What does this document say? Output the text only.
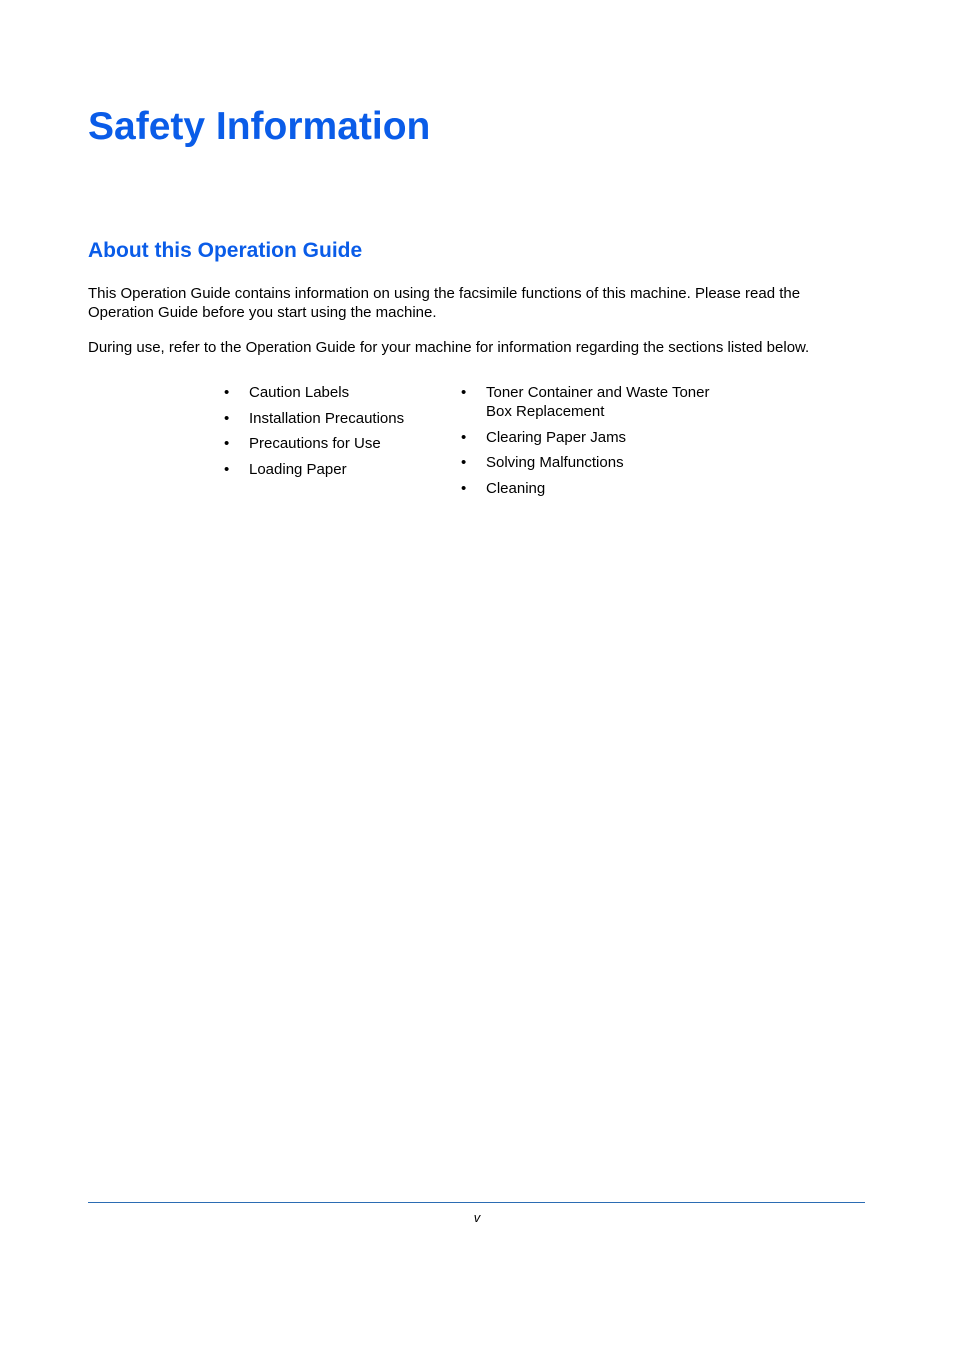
Safety Information
About this Operation Guide

This Operation Guide contains information on using the facsimile functions of this machine. Please read the Operation Guide before you start using the machine.

During use, refer to the Operation Guide for your machine for information regarding the sections listed below.

• Caution Labels
• Installation Precautions
• Precautions for Use
• Loading Paper
• Toner Container and Waste Toner Box Replacement
• Clearing Paper Jams
• Solving Malfunctions
• Cleaning
v
